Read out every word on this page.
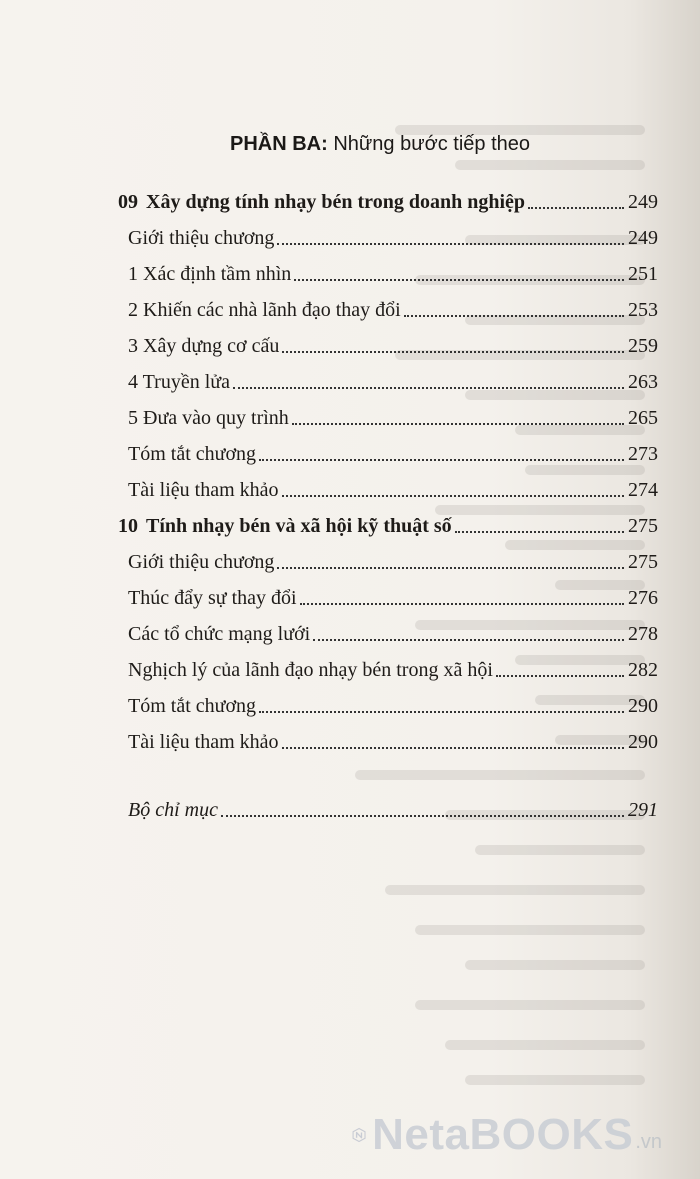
PHẦN BA: Những bước tiếp theo
09 Xây dựng tính nhạy bén trong doanh nghiệp	249
Giới thiệu chương	249
1 Xác định tầm nhìn	251
2 Khiến các nhà lãnh đạo thay đổi	253
3 Xây dựng cơ cấu	259
4 Truyền lửa	263
5 Đưa vào quy trình	265
Tóm tắt chương	273
Tài liệu tham khảo	274
10 Tính nhạy bén và xã hội kỹ thuật số	275
Giới thiệu chương	275
Thúc đẩy sự thay đổi	276
Các tổ chức mạng lưới	278
Nghịch lý của lãnh đạo nhạy bén trong xã hội	282
Tóm tắt chương	290
Tài liệu tham khảo	290
Bộ chỉ mục	291
NetaBOOKS .vn
